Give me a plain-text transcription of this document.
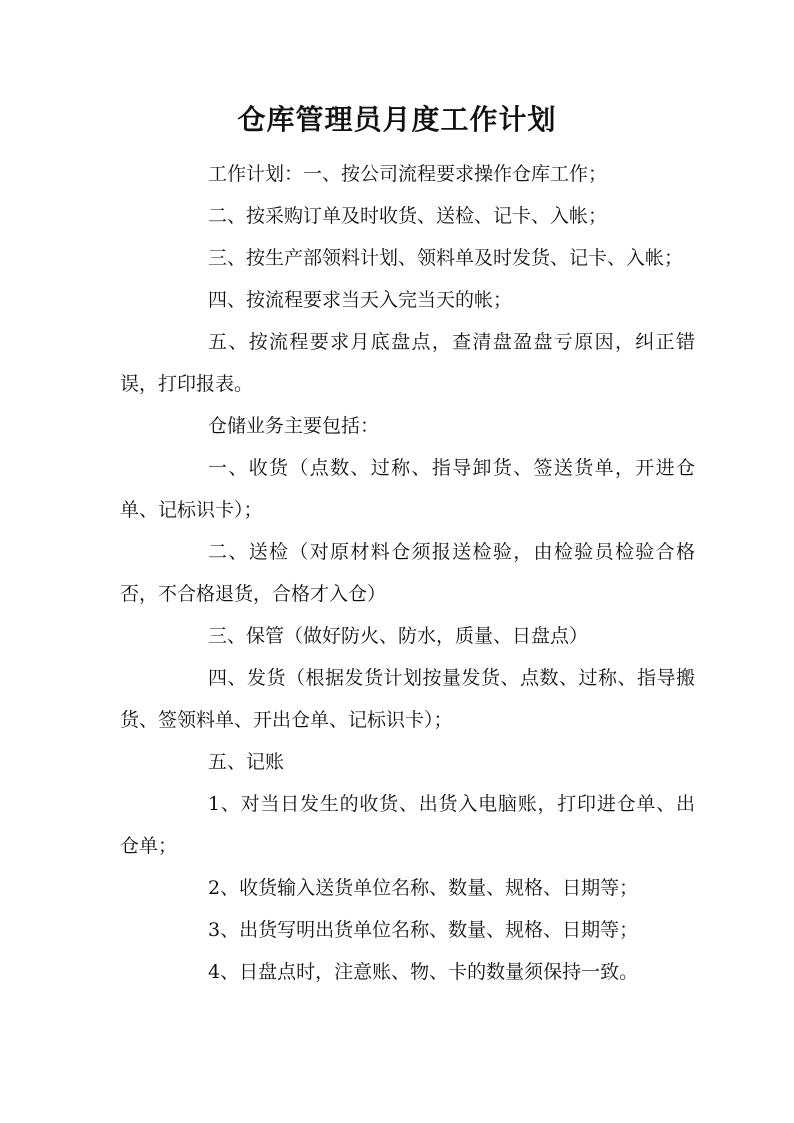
仓库管理员月度工作计划

工作计划：一、按公司流程要求操作仓库工作；

二、按采购订单及时收货、送检、记卡、入帐；

三、按生产部领料计划、领料单及时发货、记卡、入帐；

四、按流程要求当天入完当天的帐；

五、按流程要求月底盘点，查清盘盈盘亏原因，纠正错误，打印报表。

仓储业务主要包括：

一、收货（点数、过称、指导卸货、签送货单，开进仓单、记标识卡）；

二、送检（对原材料仓须报送检验，由检验员检验合格否，不合格退货，合格才入仓）

三、保管（做好防火、防水，质量、日盘点）

四、发货（根据发货计划按量发货、点数、过称、指导搬货、签领料单、开出仓单、记标识卡）；

五、记账

1、对当日发生的收货、出货入电脑账，打印进仓单、出仓单；

2、收货输入送货单位名称、数量、规格、日期等；

3、出货写明出货单位名称、数量、规格、日期等；

4、日盘点时，注意账、物、卡的数量须保持一致。
